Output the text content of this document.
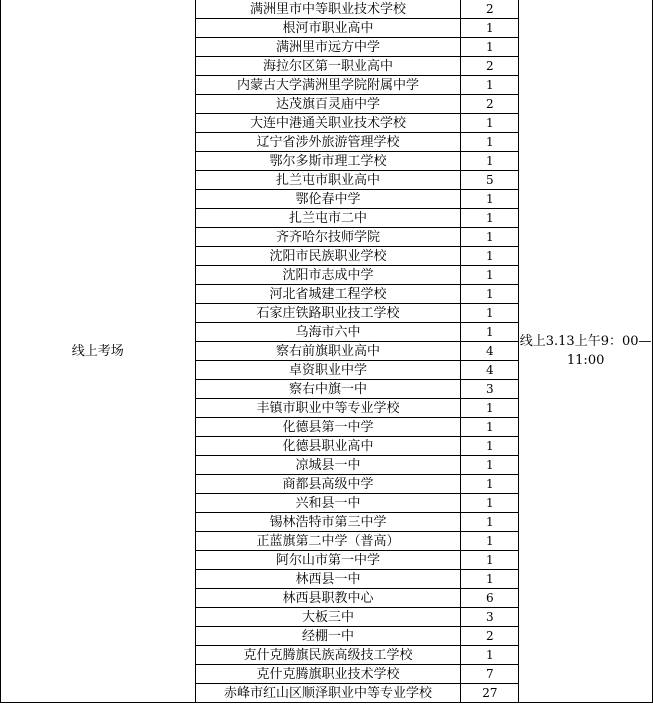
线上考场	满洲里市中等职业技术学校	2	线上3.13上午9：00—11:00
	根河市职业高中	1	
	满洲里市远方中学	1	
	海拉尔区第一职业高中	2	
	内蒙古大学满洲里学院附属中学	1	
	达茂旗百灵庙中学	2	
	大连中港通关职业技术学校	1	
	辽宁省涉外旅游管理学校	1	
	鄂尔多斯市理工学校	1	
	扎兰屯市职业高中	5	
	鄂伦春中学	1	
	扎兰屯市二中	1	
	齐齐哈尔技师学院	1	
	沈阳市民族职业学校	1	
	沈阳市志成中学	1	
	河北省城建工程学校	1	
	石家庄铁路职业技工学校	1	
	乌海市六中	1	
	察右前旗职业高中	4	
	卓资职业中学	4	
	察右中旗一中	3	
	丰镇市职业中等专业学校	1	
	化德县第一中学	1	
	化德县职业高中	1	
	凉城县一中	1	
	商都县高级中学	1	
	兴和县一中	1	
	锡林浩特市第三中学	1	
	正蓝旗第二中学（普高）	1	
	阿尔山市第一中学	1	
	林西县一中	1	
	林西县职教中心	6	
	大板三中	3	
	经棚一中	2	
	克什克腾旗民族高级技工学校	1	
	克什克腾旗职业技术学校	7	
	赤峰市红山区顺泽职业中等专业学校	27	
